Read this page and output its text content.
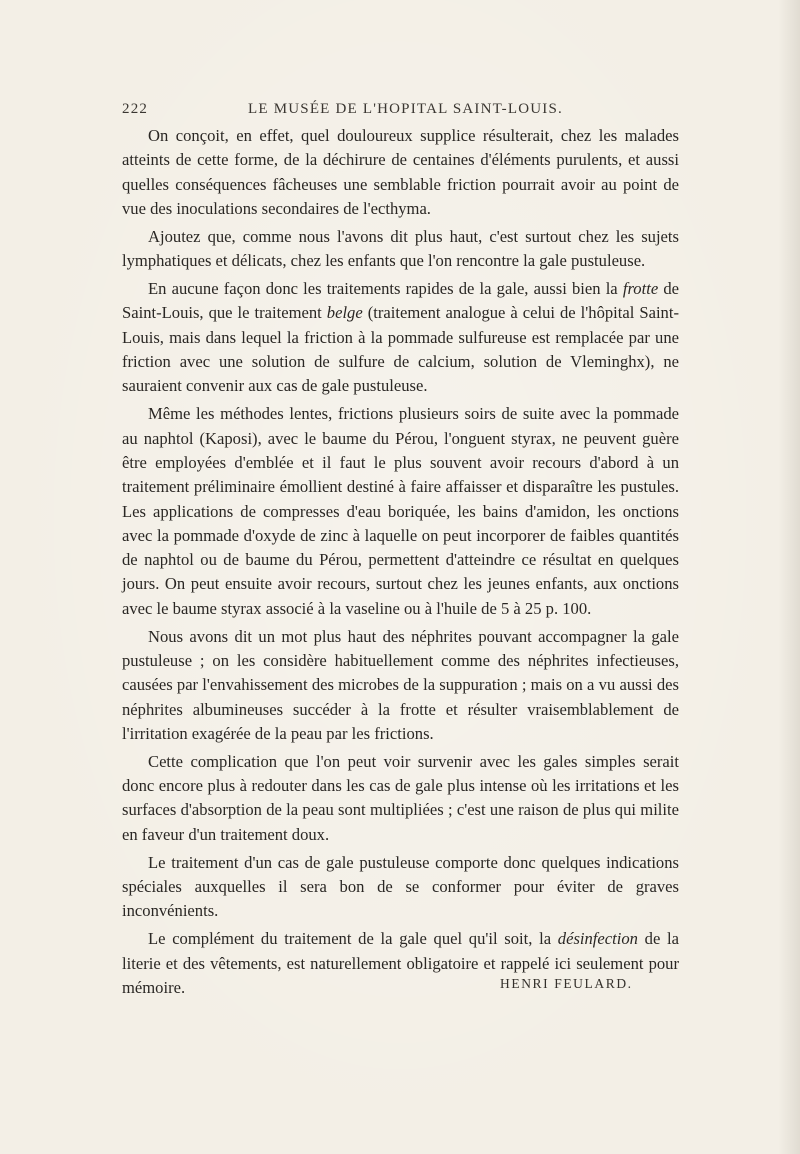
222	LE MUSÉE DE L'HOPITAL SAINT-LOUIS.

On conçoit, en effet, quel douloureux supplice résulterait, chez les malades atteints de cette forme, de la déchirure de centaines d'éléments purulents, et aussi quelles conséquences fâcheuses une semblable friction pourrait avoir au point de vue des inoculations secondaires de l'ecthyma.

Ajoutez que, comme nous l'avons dit plus haut, c'est surtout chez les sujets lymphatiques et délicats, chez les enfants que l'on rencontre la gale pustuleuse.

En aucune façon donc les traitements rapides de la gale, aussi bien la frotte de Saint-Louis, que le traitement belge (traitement analogue à celui de l'hôpital Saint-Louis, mais dans lequel la friction à la pommade sulfureuse est remplacée par une friction avec une solution de sulfure de calcium, solution de Vleminghx), ne sauraient convenir aux cas de gale pustuleuse.

Même les méthodes lentes, frictions plusieurs soirs de suite avec la pommade au naphtol (Kaposi), avec le baume du Pérou, l'onguent styrax, ne peuvent guère être employées d'emblée et il faut le plus souvent avoir recours d'abord à un traitement préliminaire émollient destiné à faire affaisser et disparaître les pustules. Les applications de compresses d'eau boriquée, les bains d'amidon, les onctions avec la pommade d'oxyde de zinc à laquelle on peut incorporer de faibles quantités de naphtol ou de baume du Pérou, permettent d'atteindre ce résultat en quelques jours. On peut ensuite avoir recours, surtout chez les jeunes enfants, aux onctions avec le baume styrax associé à la vaseline ou à l'huile de 5 à 25 p. 100.

Nous avons dit un mot plus haut des néphrites pouvant accompagner la gale pustuleuse ; on les considère habituellement comme des néphrites infectieuses, causées par l'envahissement des microbes de la suppuration ; mais on a vu aussi des néphrites albumineuses succéder à la frotte et résulter vraisemblablement de l'irritation exagérée de la peau par les frictions.

Cette complication que l'on peut voir survenir avec les gales simples serait donc encore plus à redouter dans les cas de gale plus intense où les irritations et les surfaces d'absorption de la peau sont multipliées ; c'est une raison de plus qui milite en faveur d'un traitement doux.

Le traitement d'un cas de gale pustuleuse comporte donc quelques indications spéciales auxquelles il sera bon de se conformer pour éviter de graves inconvénients.

Le complément du traitement de la gale quel qu'il soit, la désinfection de la literie et des vêtements, est naturellement obligatoire et rappelé ici seulement pour mémoire.	HENRI FEULARD.
